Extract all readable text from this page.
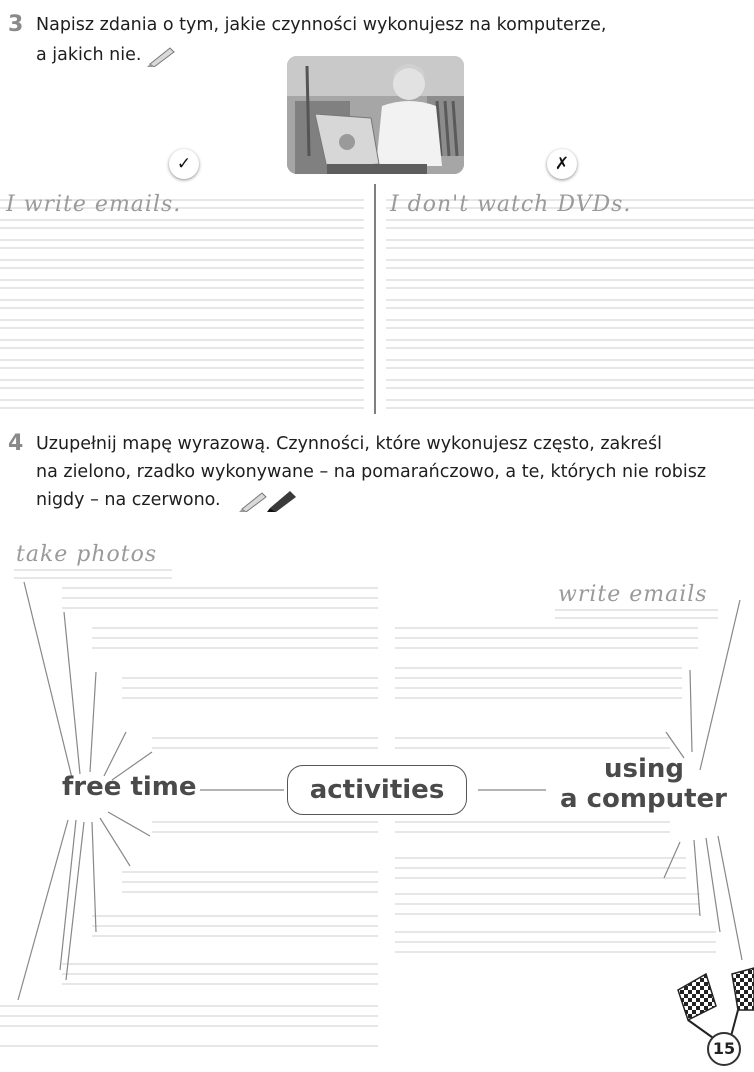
3 Napisz zdania o tym, jakie czynności wykonujesz na komputerze,
a jakich nie.
✓	✗
I write emails.	I don't watch DVDs.
4 Uzupełnij mapę wyrazową. Czynności, które wykonujesz często, zakreśl
na zielono, rzadko wykonywane – na pomarańczowo, a te, których nie robisz
nigdy – na czerwono.
take photos
write emails
activities
free time
using
a computer
15
